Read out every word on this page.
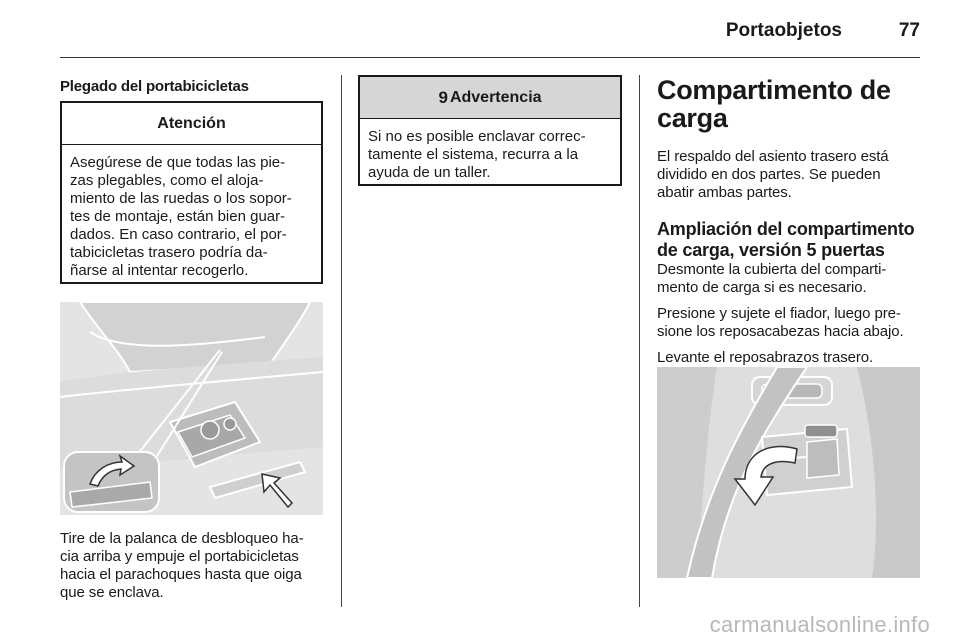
Portaobjetos	77
Plegado del portabicicletas
Atención
Asegúrese de que todas las pie-
zas plegables, como el aloja-
miento de las ruedas o los sopor-
tes de montaje, están bien guar-
dados. En caso contrario, el por-
tabicicletas trasero podría da-
ñarse al intentar recogerlo.
Tire de la palanca de desbloqueo ha-
cia arriba y empuje el portabicicletas
hacia el parachoques hasta que oiga
que se enclava.
9 Advertencia
Si no es posible enclavar correc-
tamente el sistema, recurra a la
ayuda de un taller.
Compartimento de
carga
El respaldo del asiento trasero está
dividido en dos partes. Se pueden
abatir ambas partes.
Ampliación del compartimento
de carga, versión 5 puertas
Desmonte la cubierta del comparti-
mento de carga si es necesario.
Presione y sujete el fiador, luego pre-
sione los reposacabezas hacia abajo.
Levante el reposabrazos trasero.
carmanualsonline.info
